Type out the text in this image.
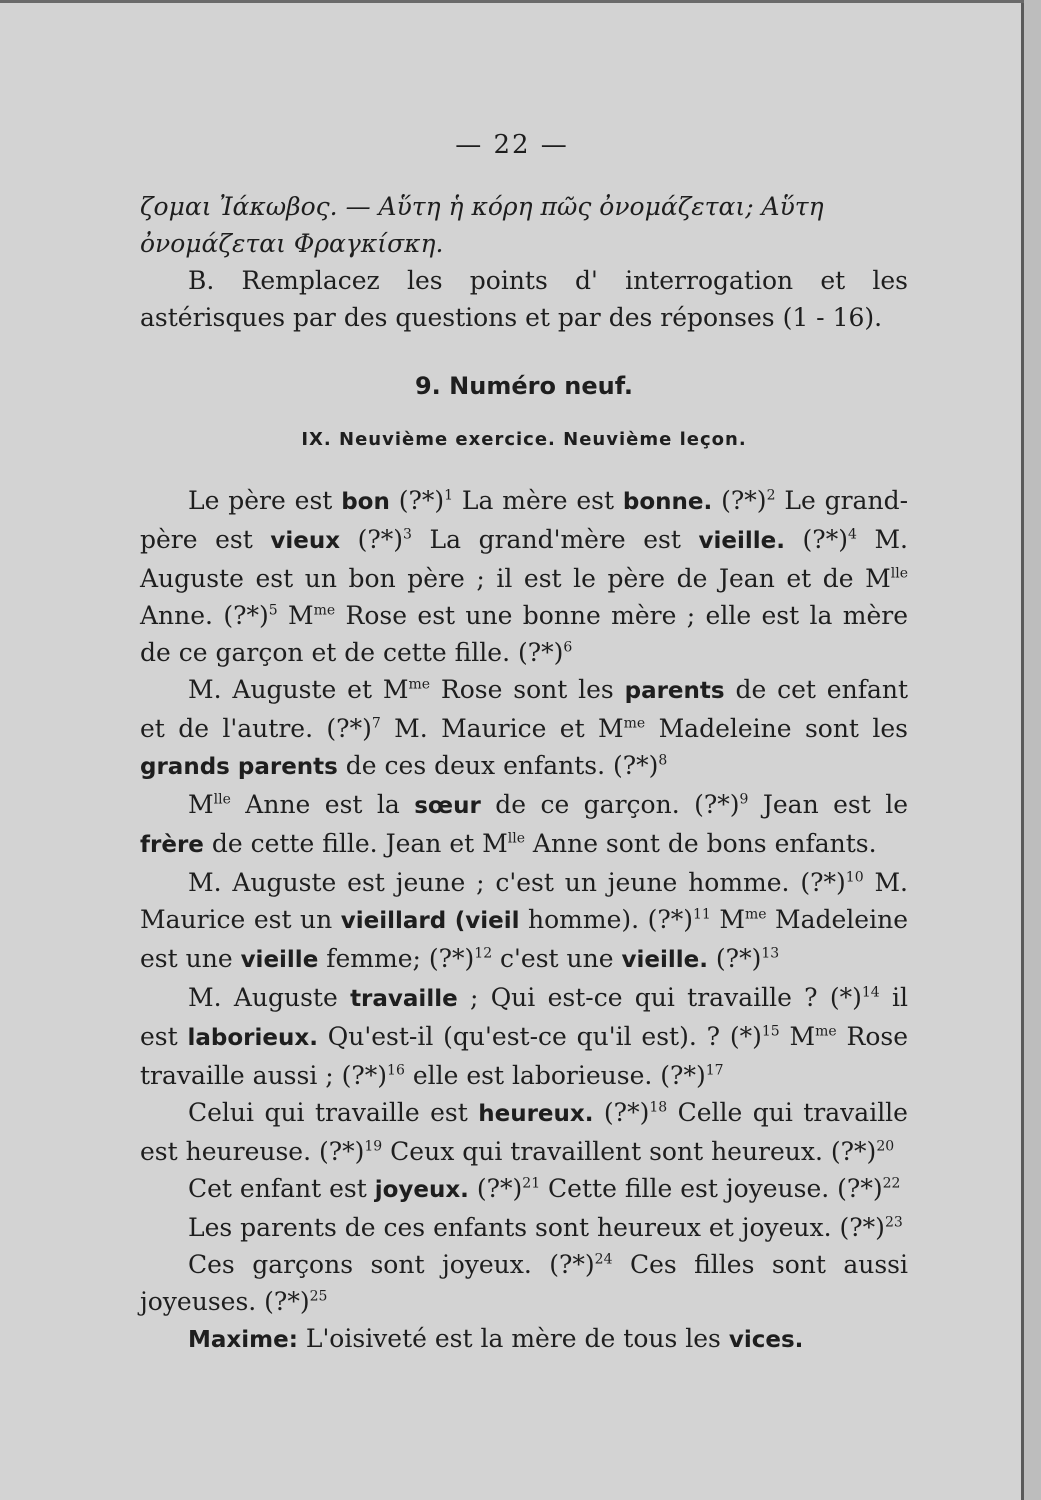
— 22 —

ζομαι Ἰάκωβος. — Αὕτη ἡ κόρη πῶς ὀνομάζεται; Αὕτη

ὀνομάζεται Φραγκίσκη.

B. Remplacez les points d' interrogation et les astérisques par des questions et par des réponses (1 - 16).

9. Numéro neuf.
IX. Neuvième exercice. Neuvième leçon.

Le père est bon (?*)$^1$ La mère est bonne. (?*)$^2$ Le grand-père est vieux (?*)$^3$ La grand'mère est vieille. (?*)$^4$ M. Auguste est un bon père ; il est le père de Jean et de $M^{lle}$ Anne. (?*)$^5$ $M^{me}$ Rose est une bonne mère ; elle est la mère de ce garçon et de cette fille. (?*)$^6$

M. Auguste et $M^{me}$ Rose sont les parents de cet enfant et de l'autre. (?*)$^7$ M. Maurice et $M^{me}$ Madeleine sont les grands parents de ces deux enfants. (?*)$^8$

$M^{lle}$ Anne est la sœur de ce garçon. (?*)$^9$ Jean est le frère de cette fille. Jean et $M^{lle}$ Anne sont de bons enfants.

M. Auguste est jeune ; c'est un jeune homme. (?*)$^{10}$ M. Maurice est un vieillard (vieil homme). (?*)$^{11}$ $M^{me}$ Madeleine est une vieille femme; (?*)$^{12}$ c'est une vieille. (?*)$^{13}$

M. Auguste travaille ; Qui est-ce qui travaille ? $(*)^{14}$ il est laborieux. Qu'est-il (qu'est-ce qu'il est). ? $(*)^{15}$ $M^{me}$ Rose travaille aussi ; (?*)$^{16}$ elle est laborieuse. (?*)$^{17}$

Celui qui travaille est heureux. (?*)$^{18}$ Celle qui travaille est heureuse. (?*)$^{19}$ Ceux qui travaillent sont heureux. (?*)$^{20}$

Cet enfant est joyeux. (?*)$^{21}$ Cette fille est joyeuse. (?*)$^{22}$

Les parents de ces enfants sont heureux et joyeux. (?*)$^{23}$

Ces garçons sont joyeux. (?*)$^{24}$ Ces filles sont aussi joyeuses. (?*)$^{25}$

Maxime: L'oisiveté est la mère de tous les vices.
